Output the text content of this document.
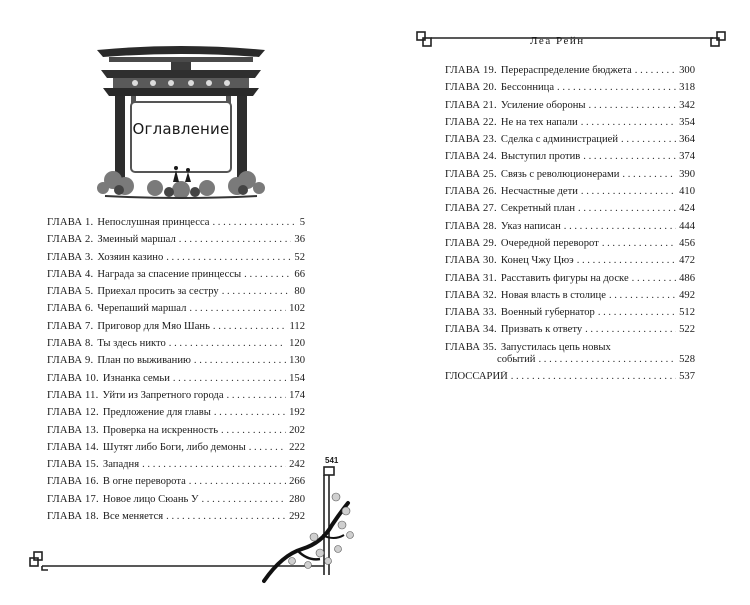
Оглавление
ГЛАВА 1. Непослушная принцесса . . .	5
ГЛАВА 2. Змеиный маршал . . .	36
ГЛАВА 3. Хозяин казино . . .	52
ГЛАВА 4. Награда за спасение принцессы . . .	66
ГЛАВА 5. Приехал просить за сестру . . .	80
ГЛАВА 6. Черепаший маршал . . .	102
ГЛАВА 7. Приговор для Мяо Шань . . .	112
ГЛАВА 8. Ты здесь никто . . .	120
ГЛАВА 9. План по выживанию . . .	130
ГЛАВА 10. Изнанка семьи . . .	154
ГЛАВА 11. Уйти из Запретного города . . .	174
ГЛАВА 12. Предложение для главы . . .	192
ГЛАВА 13. Проверка на искренность . . .	202
ГЛАВА 14. Шутят либо Боги, либо демоны . . .	222
ГЛАВА 15. Западня . . .	242
ГЛАВА 16. В огне переворота . . .	266
ГЛАВА 17. Новое лицо Сюань У . . .	280
ГЛАВА 18. Все меняется . . .	292
541
Леа Рейн
ГЛАВА 19. Перераспределение бюджета . . .	300
ГЛАВА 20. Бессонница . . .	318
ГЛАВА 21. Усиление обороны . . .	342
ГЛАВА 22. Не на тех напали . . .	354
ГЛАВА 23. Сделка с администрацией . . .	364
ГЛАВА 24. Выступил против . . .	374
ГЛАВА 25. Связь с революционерами . . .	390
ГЛАВА 26. Несчастные дети . . .	410
ГЛАВА 27. Секретный план . . .	424
ГЛАВА 28. Указ написан . . .	444
ГЛАВА 29. Очередной переворот . . .	456
ГЛАВА 30. Конец Чжу Цюэ . . .	472
ГЛАВА 31. Расставить фигуры на доске . . .	486
ГЛАВА 32. Новая власть в столице . . .	492
ГЛАВА 33. Военный губернатор . . .	512
ГЛАВА 34. Призвать к ответу . . .	522
ГЛАВА 35. Запустилась цепь новых
событий . . .	528
ГЛОССАРИЙ . . .	537
